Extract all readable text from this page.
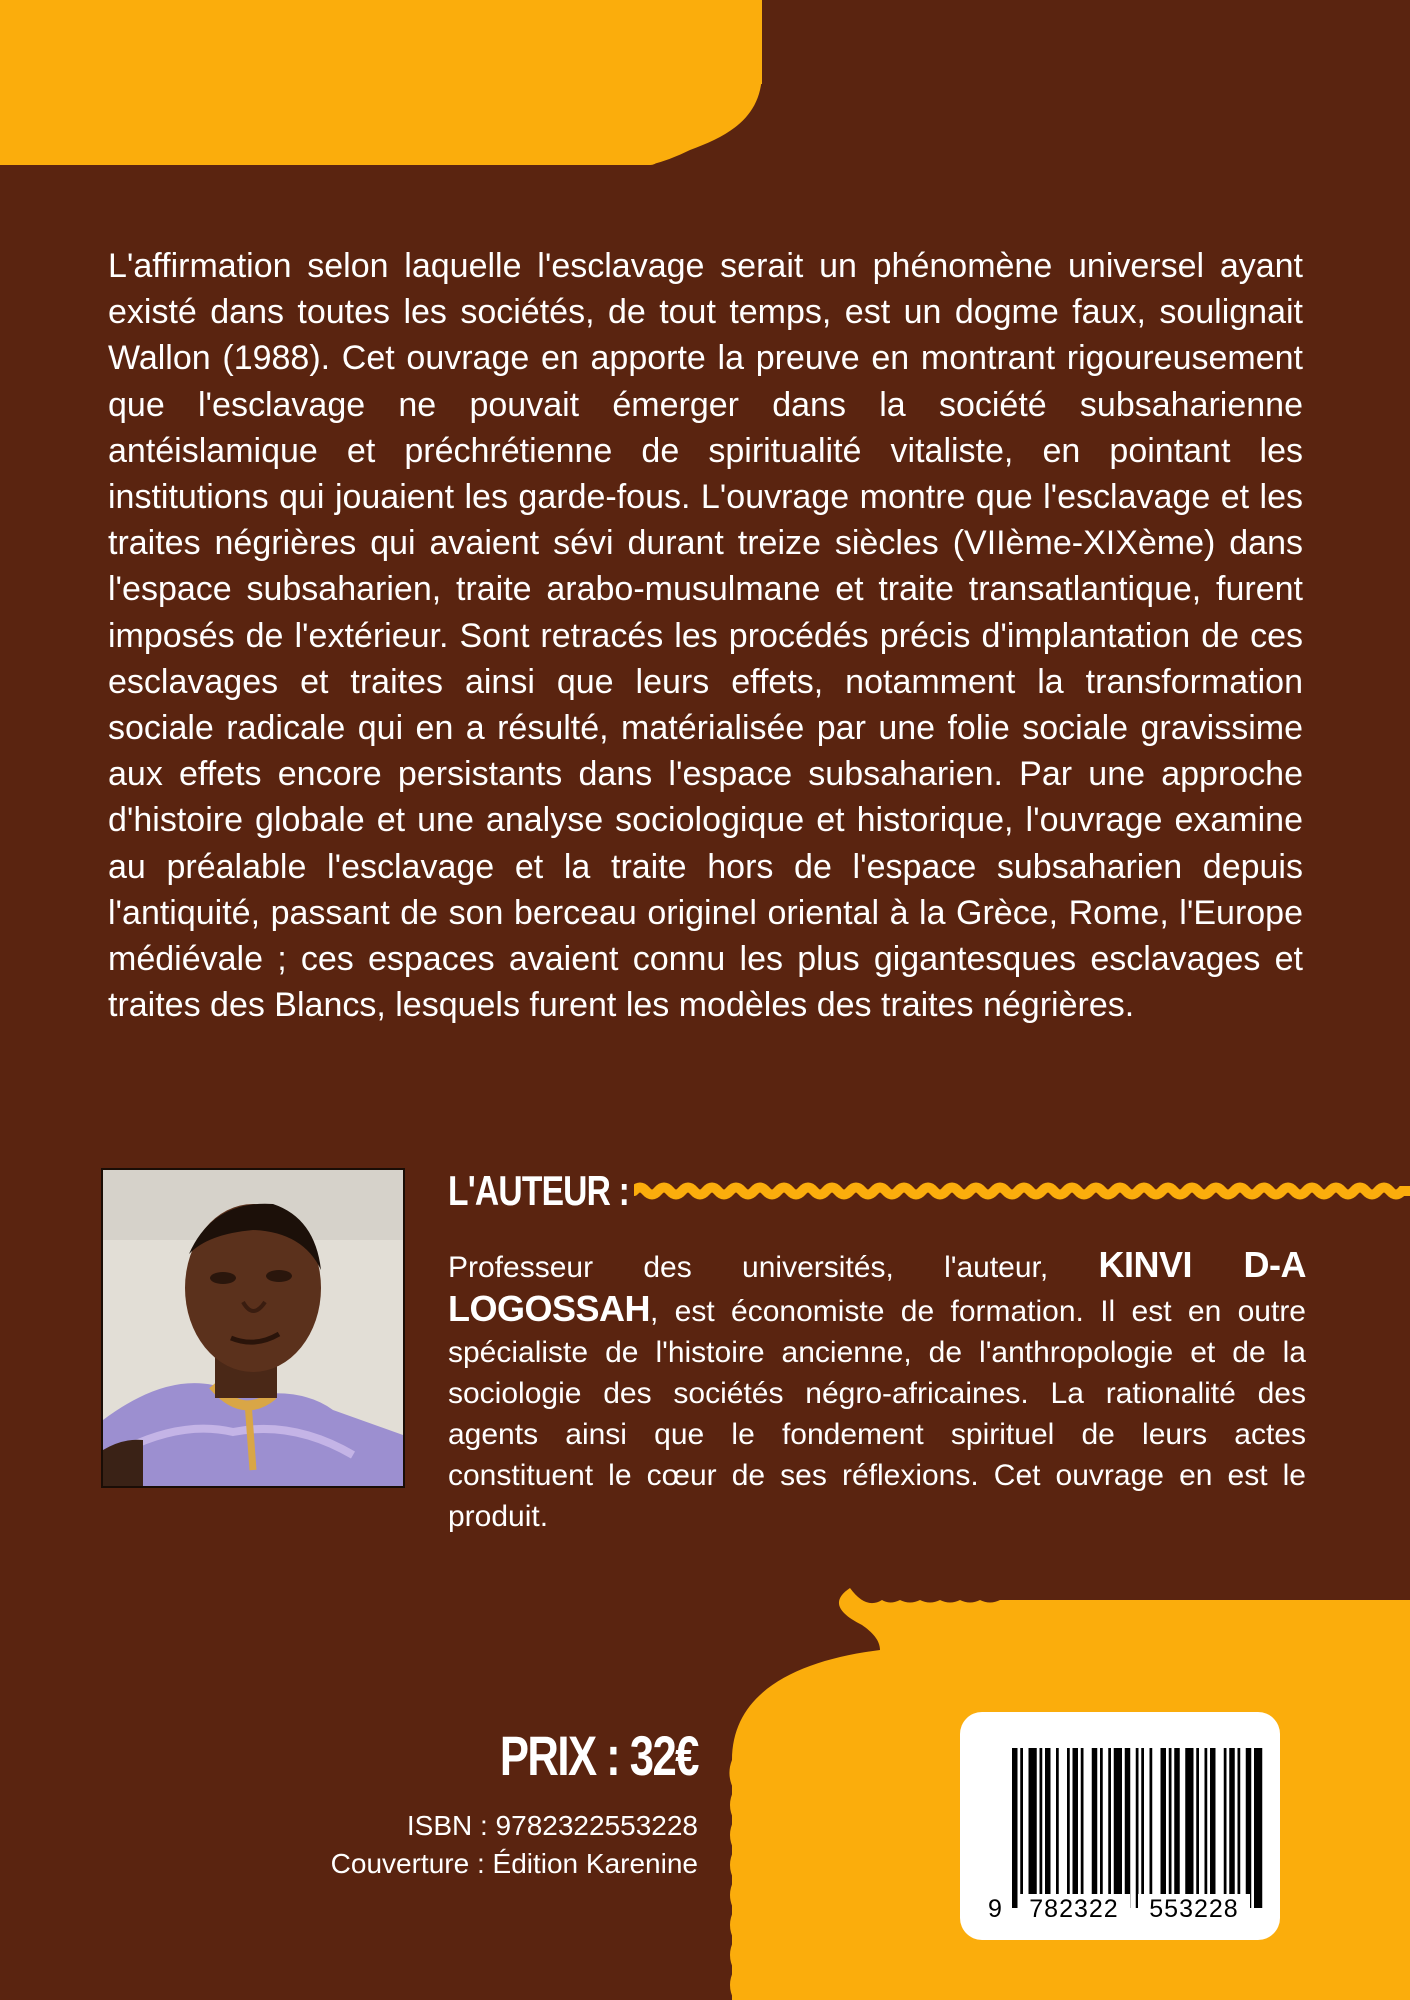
L'affirmation selon laquelle l'esclavage serait un phénomène universel ayant existé dans toutes les sociétés, de tout temps, est un dogme faux, soulignait Wallon (1988). Cet ouvrage en apporte la preuve en montrant rigoureusement que l'esclavage ne pouvait émerger dans la société subsaharienne antéislamique et préchrétienne de spiritualité vitaliste, en pointant les institutions qui jouaient les garde-fous. L'ouvrage montre que l'esclavage et les traites négrières qui avaient sévi durant treize siècles (VIIème-XIXème) dans l'espace subsaharien, traite arabo-musulmane et traite transatlantique, furent imposés de l'extérieur. Sont retracés les procédés précis d'implantation de ces esclavages et traites ainsi que leurs effets, notamment la transformation sociale radicale qui en a résulté, matérialisée par une folie sociale gravissime aux effets encore persistants dans l'espace subsaharien. Par une approche d'histoire globale et une analyse sociologique et historique, l'ouvrage examine au préalable l'esclavage et la traite hors de l'espace subsaharien depuis l'antiquité, passant de son berceau originel oriental à la Grèce, Rome, l'Europe médiévale ; ces espaces avaient connu les plus gigantesques esclavages et traites des Blancs, lesquels furent les modèles des traites négrières.

L'AUTEUR :

Professeur des universités, l'auteur, KINVI D-A LOGOSSAH, est économiste de formation. Il est en outre spécialiste de l'histoire ancienne, de l'anthropologie et de la sociologie des sociétés négro-africaines. La rationalité des agents ainsi que le fondement spirituel de leurs actes constituent le cœur de ses réflexions. Cet ouvrage en est le produit.

PRIX : 32€
ISBN : 9782322553228
Couverture : Édition Karenine
9	782322	553228
